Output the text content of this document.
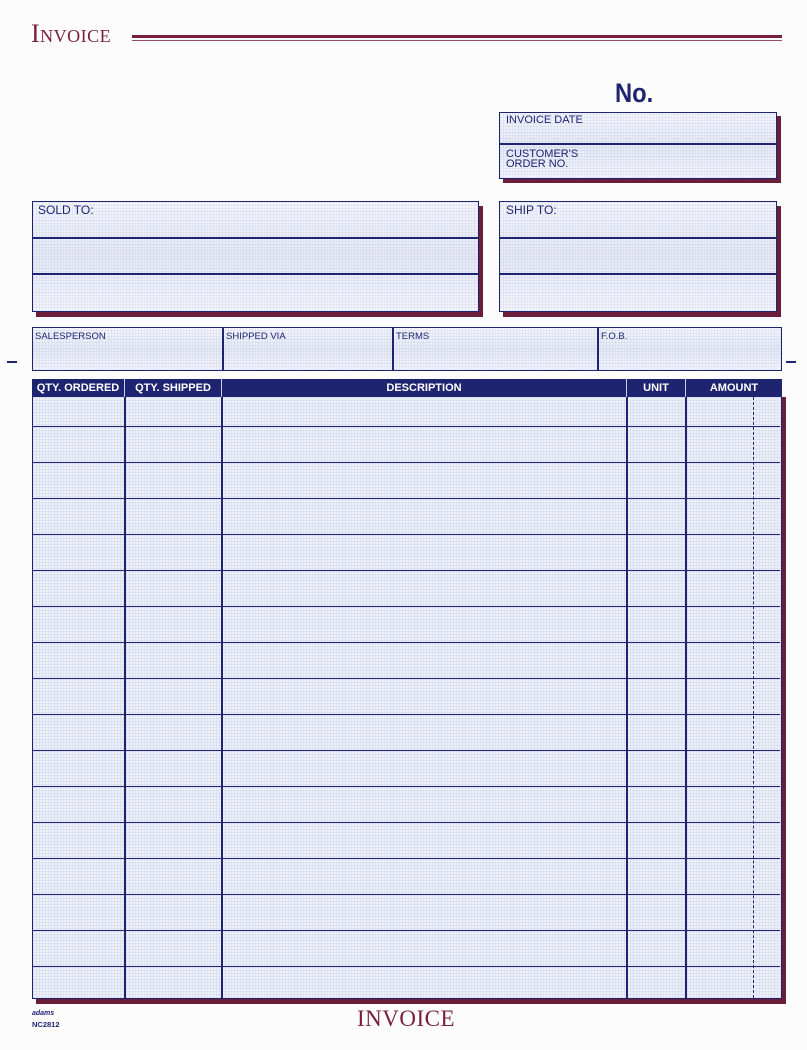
Invoice
No.
INVOICE DATE
CUSTOMER'S
ORDER NO.
SOLD TO:	SHIP TO:
SALESPERSON	SHIPPED VIA	TERMS	F.O.B.
QTY. ORDERED	QTY. SHIPPED	DESCRIPTION	UNIT	AMOUNT
adams
NC2812	INVOICE
